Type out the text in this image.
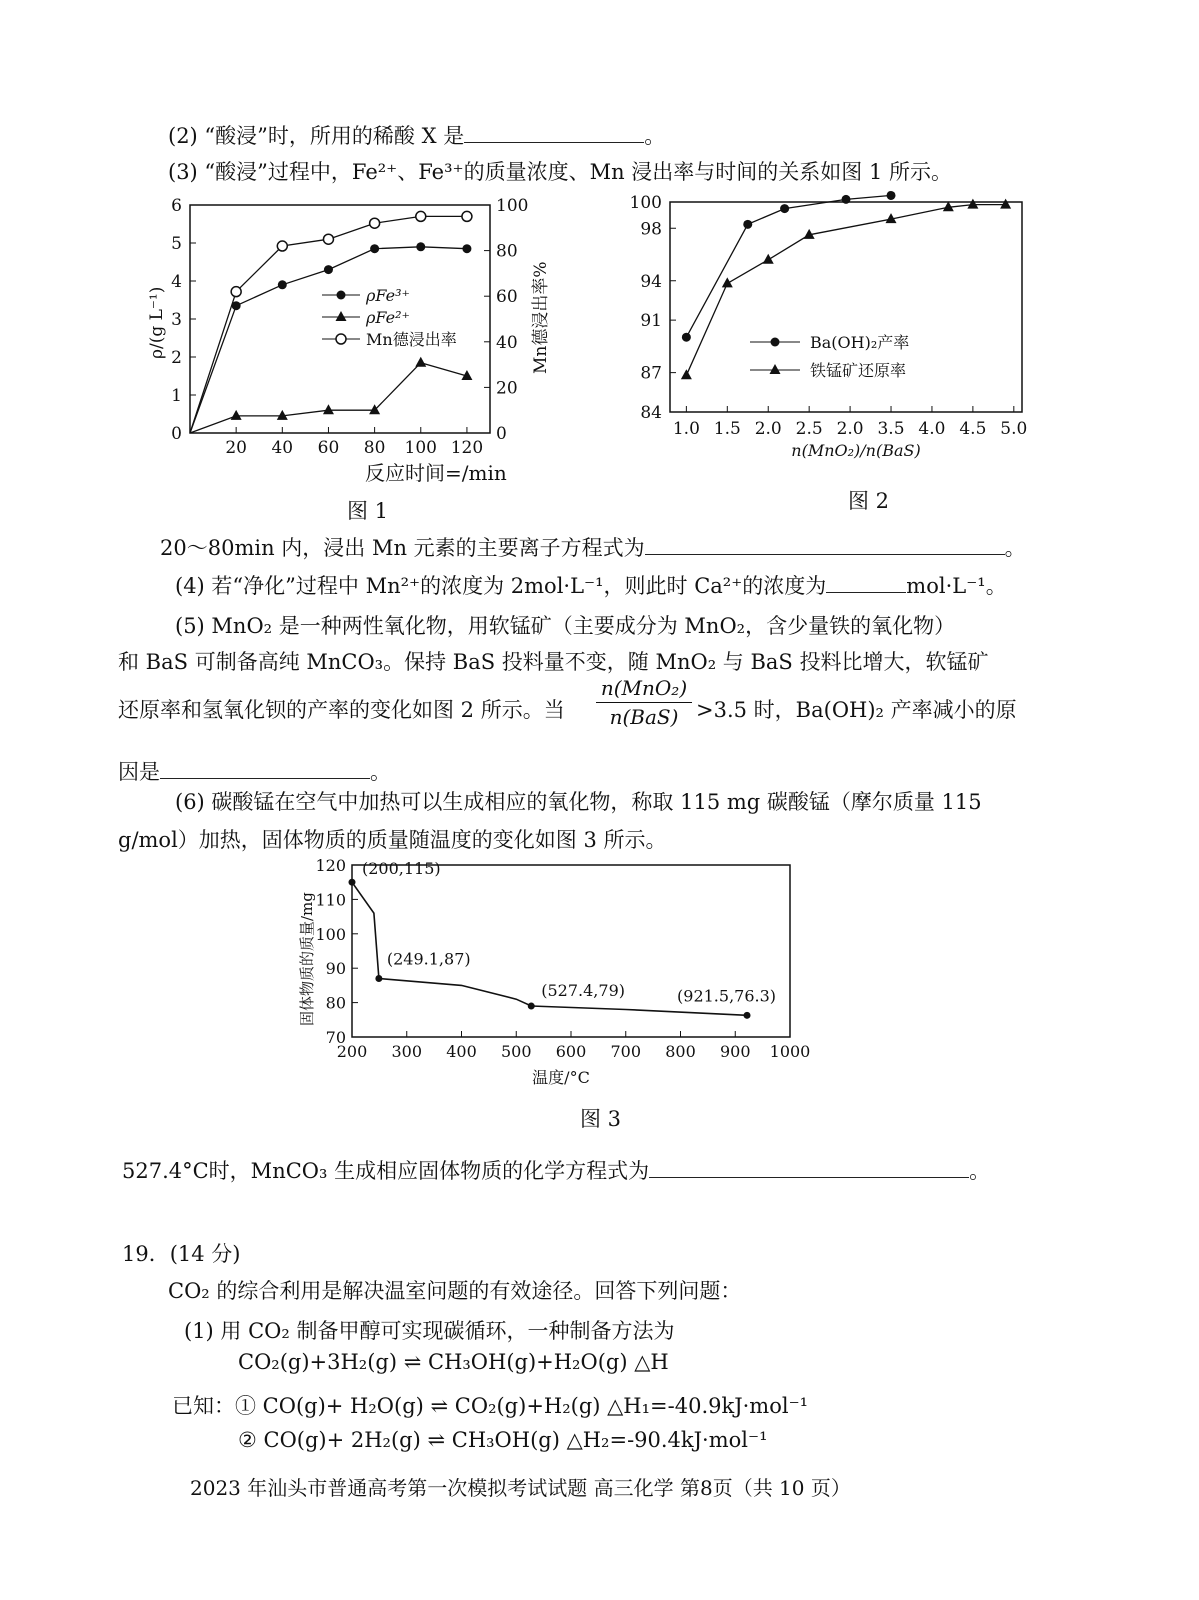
(2) “酸浸”时，所用的稀酸 X 是	。
(3) “酸浸”过程中，Fe²⁺、Fe³⁺的质量浓度、Mn 浸出率与时间的关系如图 1 所示。
20 40 60 80 100 120
0
1
2
3
4
5
6
0
20
40
60
80
100
ρ/(g L⁻¹)	Mn德浸出率%
ρFe³⁺
ρFe²⁺
Mn德浸出率
反应时间=/min
图 1
1.0 1.5 2.0 2.5 2.0 3.5 4.0 4.5 5.0
84
87
91
94
98
100
n(MnO₂)/n(BaS)
Ba(OH)₂产率
铁锰矿还原率
图 2
20～80min 内，浸出 Mn 元素的主要离子方程式为	。
(4) 若“净化”过程中 Mn²⁺的浓度为 2mol·L⁻¹，则此时 Ca²⁺的浓度为	mol·L⁻¹。
(5) MnO₂ 是一种两性氧化物，用软锰矿（主要成分为 MnO₂，含少量铁的氧化物）
和 BaS 可制备高纯 MnCO₃。保持 BaS 投料量不变，随 MnO₂ 与 BaS 投料比增大，软锰矿
还原率和氢氧化钡的产率的变化如图 2 所示。当
n(MnO₂)
n(BaS) >3.5 时，Ba(OH)₂ 产率减小的原
因是	。
(6) 碳酸锰在空气中加热可以生成相应的氧化物，称取 115 mg 碳酸锰（摩尔质量 115
g/mol）加热，固体物质的质量随温度的变化如图 3 所示。
200 300 400 500 600 700 800 900 1000
70
80
90
100
110
120
温度/°C
固体物质的质量/mg
(200,115)
(249.1,87)
(527.4,79)	(921.5,76.3)
图 3
527.4°C时，MnCO₃ 生成相应固体物质的化学方程式为	。
19．(14 分)
CO₂ 的综合利用是解决温室问题的有效途径。回答下列问题：
(1) 用 CO₂ 制备甲醇可实现碳循环，一种制备方法为
CO₂(g)+3H₂(g) ⇌ CH₃OH(g)+H₂O(g) △H
已知：① CO(g)+ H₂O(g) ⇌ CO₂(g)+H₂(g) △H₁=-40.9kJ·mol⁻¹
② CO(g)+ 2H₂(g) ⇌ CH₃OH(g) △H₂=-90.4kJ·mol⁻¹
2023 年汕头市普通高考第一次模拟考试试题 高三化学 第8页（共 10 页）
